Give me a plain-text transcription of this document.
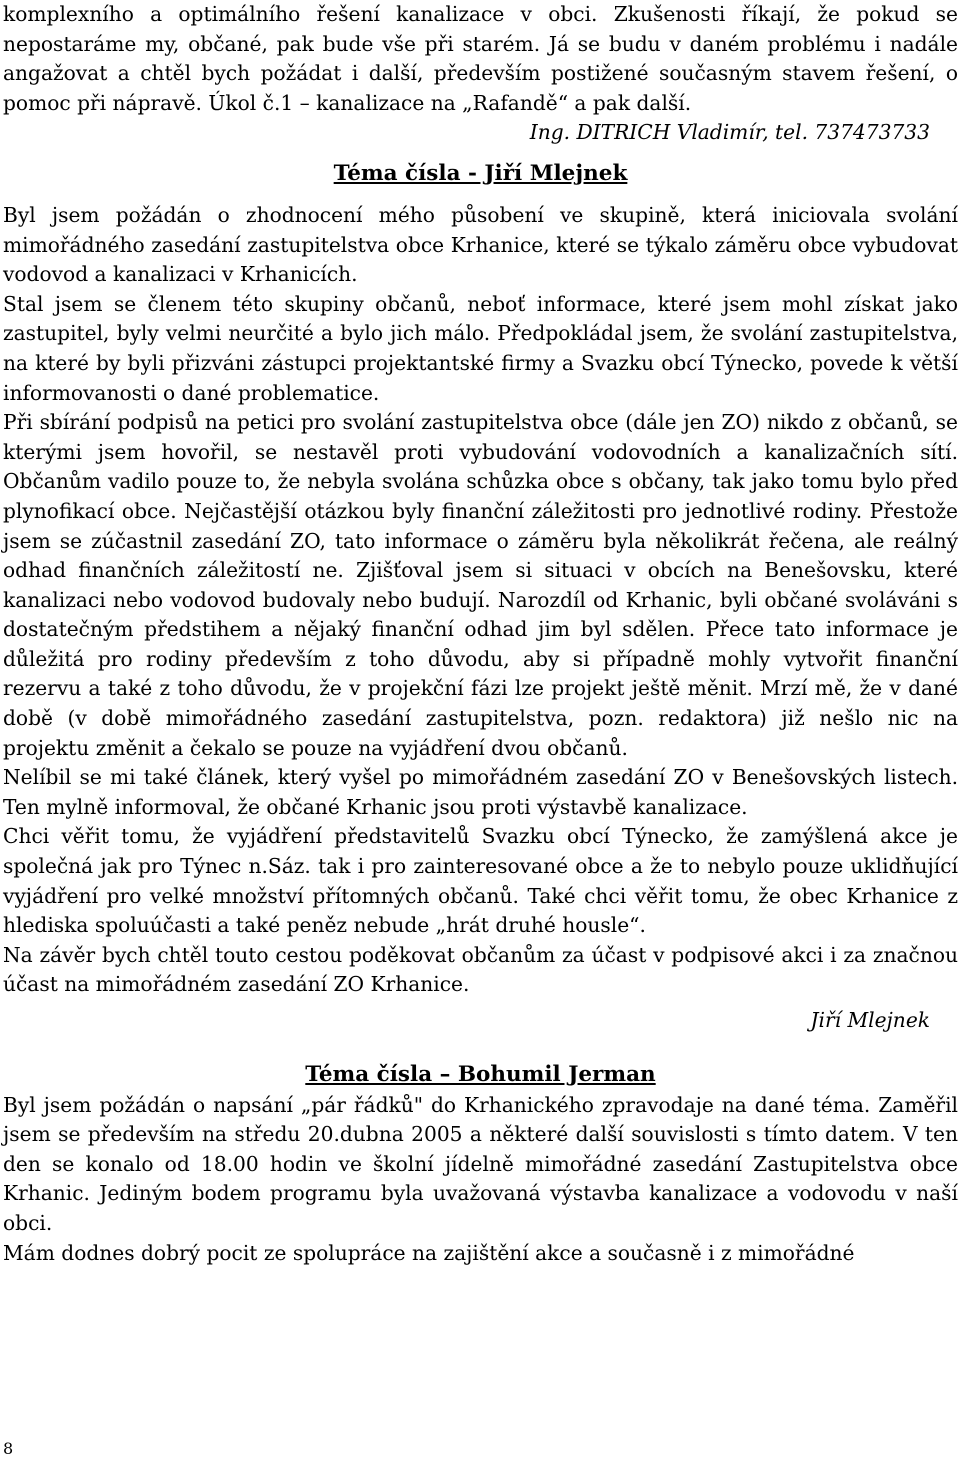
komplexního a optimálního řešení kanalizace v obci. Zkušenosti říkají, že pokud se nepostaráme my, občané, pak bude vše při starém. Já se budu v daném problému i nadále angažovat a chtěl bych požádat i další, především postižené současným stavem řešení, o pomoc při nápravě. Úkol č.1 – kanalizace na „Rafandě“ a pak další.

Ing. DITRICH Vladimír, tel. 737473733
Téma čísla - Jiří Mlejnek

Byl jsem požádán o zhodnocení mého působení ve skupině, která iniciovala svolání mimořádného zasedání zastupitelstva obce Krhanice, které se týkalo záměru obce vybudovat vodovod a kanalizaci v Krhanicích.

Stal jsem se členem této skupiny občanů, neboť informace, které jsem mohl získat jako zastupitel, byly velmi neurčité a bylo jich málo. Předpokládal jsem, že svolání zastupitelstva, na které by byli přizváni zástupci projektantské firmy a Svazku obcí Týnecko, povede k větší informovanosti o dané problematice.

Při sbírání podpisů na petici pro svolání zastupitelstva obce (dále jen ZO) nikdo z občanů, se kterými jsem hovořil, se nestavěl proti vybudování vodovodních a kanalizačních sítí. Občanům vadilo pouze to, že nebyla svolána schůzka obce s občany, tak jako tomu bylo před plynofikací obce. Nejčastější otázkou byly finanční záležitosti pro jednotlivé rodiny. Přestože jsem se zúčastnil zasedání ZO, tato informace o záměru byla několikrát řečena, ale reálný odhad finančních záležitostí ne. Zjišťoval jsem si situaci v obcích na Benešovsku, které kanalizaci nebo vodovod budovaly nebo budují. Narozdíl od Krhanic, byli občané svoláváni s dostatečným předstihem a nějaký finanční odhad jim byl sdělen. Přece tato informace je důležitá pro rodiny především z toho důvodu, aby si případně mohly vytvořit finanční rezervu a také z toho důvodu, že v projekční fázi lze projekt ještě měnit. Mrzí mě, že v dané době (v době mimořádného zasedání zastupitelstva, pozn. redaktora) již nešlo nic na projektu změnit a čekalo se pouze na vyjádření dvou občanů.

Nelíbil se mi také článek, který vyšel po mimořádném zasedání ZO v Benešovských listech. Ten mylně informoval, že občané Krhanic jsou proti výstavbě kanalizace.

Chci věřit tomu, že vyjádření představitelů Svazku obcí Týnecko, že zamýšlená akce je společná jak pro Týnec n.Sáz. tak i pro zainteresované obce a že to nebylo pouze uklidňující vyjádření pro velké množství přítomných občanů. Také chci věřit tomu, že obec Krhanice z hlediska spoluúčasti a také peněz nebude „hrát druhé housle“.

Na závěr bych chtěl touto cestou poděkovat občanům za účast v podpisové akci i za značnou účast na mimořádném zasedání ZO Krhanice.

Jiří Mlejnek
Téma čísla – Bohumil Jerman

Byl jsem požádán o napsání „pár řádků" do Krhanického zpravodaje na dané téma. Zaměřil jsem se především na středu 20.dubna 2005 a některé další souvislosti s tímto datem. V ten den se konalo od 18.00 hodin ve školní jídelně mimořádné zasedání Zastupitelstva obce Krhanic. Jediným bodem programu byla uvažovaná výstavba kanalizace a vodovodu v naší obci.

Mám dodnes dobrý pocit ze spolupráce na zajištění akce a současně i z mimořádné

8
